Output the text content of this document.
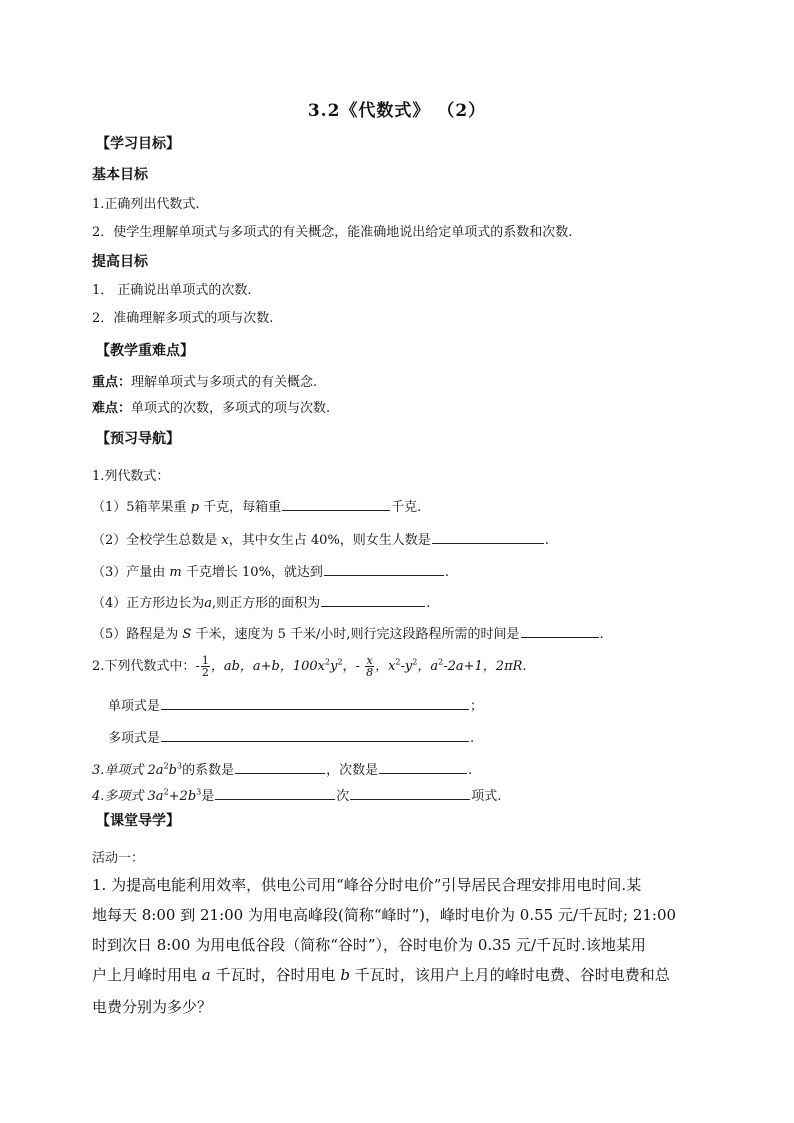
3.2《代数式》 （2）
【学习目标】
基本目标
1.正确列出代数式.
2．使学生理解单项式与多项式的有关概念，能准确地说出给定单项式的系数和次数.
提高目标
1． 正确说出单项式的次数.
2．准确理解多项式的项与次数.
【教学重难点】
重点：理解单项式与多项式的有关概念.
难点：单项式的次数，多项式的项与次数.
【预习导航】
1.列代数式：
（1）5箱苹果重 p 千克，每箱重	千克.
（2）全校学生总数是 x，其中女生占 40%，则女生人数是	.
（3）产量由 m 千克增长 10%，就达到	.
（4）正方形边长为a,则正方形的面积为	.
（5）路程是为 S 千米，速度为 5 千米/小时,则行完这段路程所需的时间是	.
2.下列代数式中：- $\frac{1}{2}$ ，ab，a+b，$100x^2y^2$，- $\frac{x}{8}$ ，$x^2-y^2$，$a^2-2a+1$，2πR.
单项式是	；
多项式是	.
3.单项式 $2a^2b^3$的系数是	，次数是	.
4.多项式 $3a^2+2b^3$是	次	项式.
【课堂导学】
活动一：
1. 为提高电能利用效率，供电公司用“峰谷分时电价”引导居民合理安排用电时间.某
地每天 8:00 到 21:00 为用电高峰段(简称“峰时”)，峰时电价为 0.55 元/千瓦时; 21:00
时到次日 8:00 为用电低谷段（简称“谷时”），谷时电价为 0.35 元/千瓦时.该地某用
户上月峰时用电 a 千瓦时，谷时用电 b 千瓦时，该用户上月的峰时电费、谷时电费和总
电费分别为多少？
